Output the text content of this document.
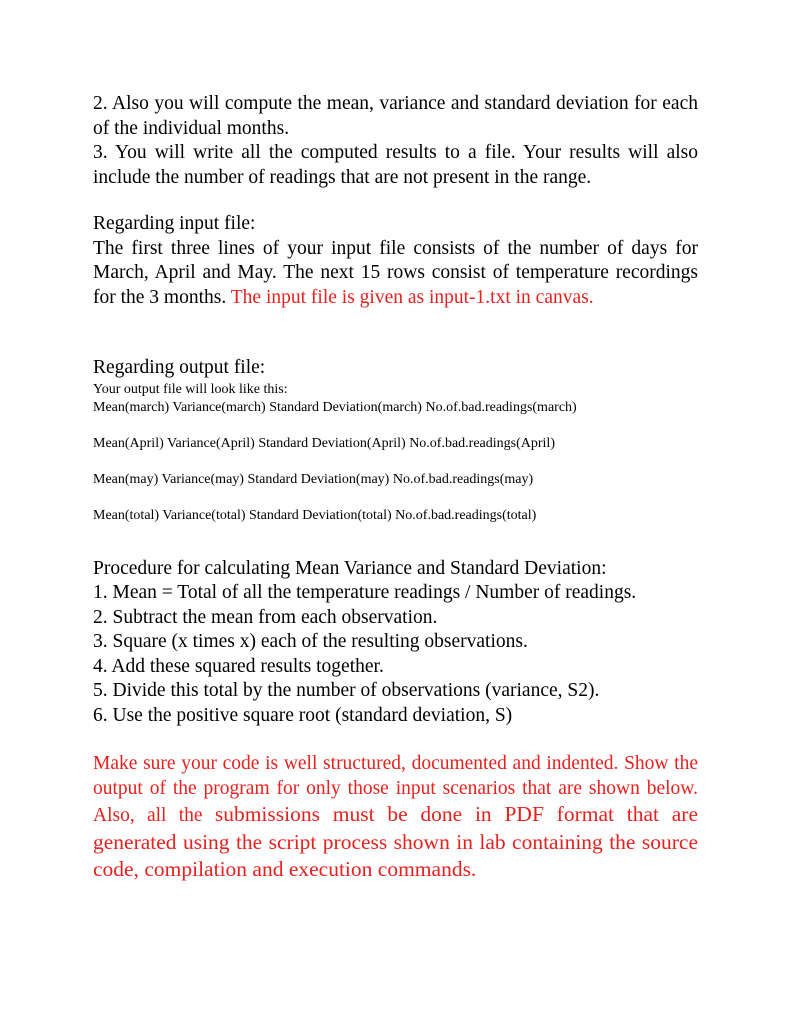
2. Also you will compute the mean, variance and standard deviation for each of the individual months.

3. You will write all the computed results to a file. Your results will also include the number of readings that are not present in the range.

Regarding input file:

The first three lines of your input file consists of the number of days for March, April and May. The next 15 rows consist of temperature recordings for the 3 months. The input file is given as input-1.txt in canvas.

Regarding output file:

Your output file will look like this:

Mean(march) Variance(march) Standard Deviation(march) No.of.bad.readings(march)

Mean(April) Variance(April) Standard Deviation(April) No.of.bad.readings(April)

Mean(may) Variance(may) Standard Deviation(may) No.of.bad.readings(may)

Mean(total) Variance(total) Standard Deviation(total) No.of.bad.readings(total)

Procedure for calculating Mean Variance and Standard Deviation:

1. Mean = Total of all the temperature readings / Number of readings.

2. Subtract the mean from each observation.

3. Square (x times x) each of the resulting observations.

4. Add these squared results together.

5. Divide this total by the number of observations (variance, S2).

6. Use the positive square root (standard deviation, S)

Make sure your code is well structured, documented and indented. Show the output of the program for only those input scenarios that are shown below. Also, all the submissions must be done in PDF format that are generated using the script process shown in lab containing the source code, compilation and execution commands.
